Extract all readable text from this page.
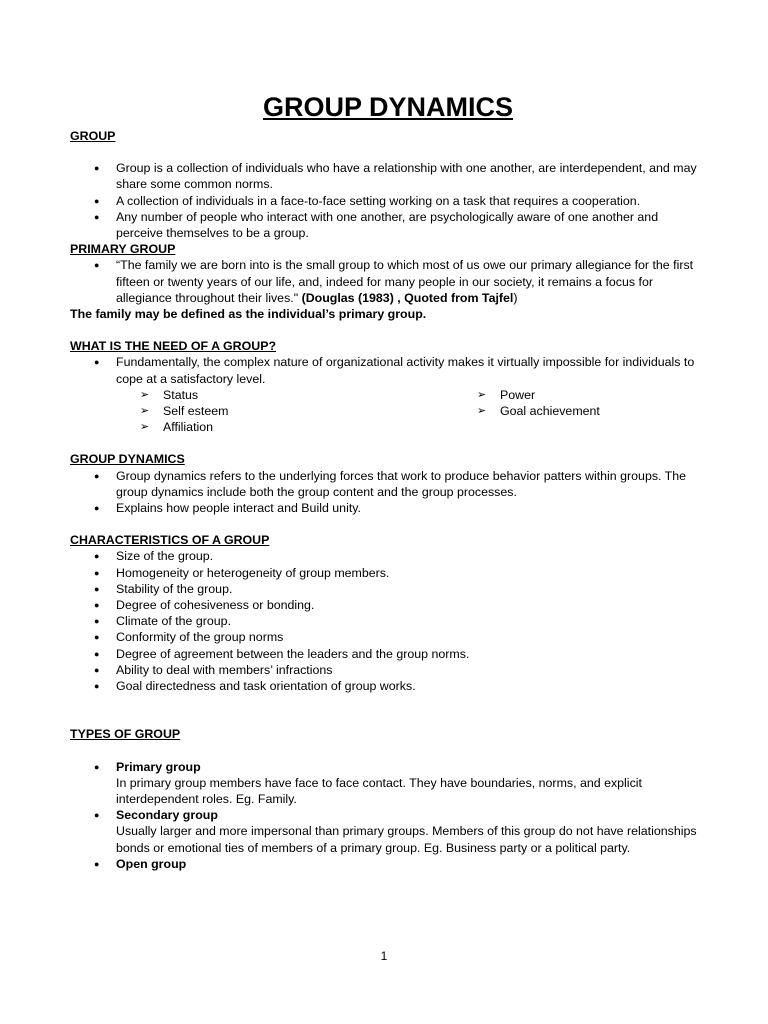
GROUP DYNAMICS

GROUP

● Group is a collection of individuals who have a relationship with one another, are interdependent, and may share some common norms.
● A collection of individuals in a face-to-face setting working on a task that requires a cooperation.
● Any number of people who interact with one another, are psychologically aware of one another and perceive themselves to be a group.

PRIMARY GROUP

● “The family we are born into is the small group to which most of us owe our primary allegiance for the first fifteen or twenty years of our life, and, indeed for many people in our society, it remains a focus for allegiance throughout their lives." (Douglas (1983) , Quoted from Tajfel)

The family may be defined as the individual’s primary group.

WHAT IS THE NEED OF A GROUP?

● Fundamentally, the complex nature of organizational activity makes it virtually impossible for individuals to cope at a satisfactory level.
➢ Status
➢ Self esteem
➢ Affiliation
➢ Power
➢ Goal achievement

GROUP DYNAMICS

● Group dynamics refers to the underlying forces that work to produce behavior patters within groups. The group dynamics include both the group content and the group processes.
● Explains how people interact and Build unity.

CHARACTERISTICS OF A GROUP

● Size of the group.
● Homogeneity or heterogeneity of group members.
● Stability of the group.
● Degree of cohesiveness or bonding.
● Climate of the group.
● Conformity of the group norms
● Degree of agreement between the leaders and the group norms.
● Ability to deal with members’ infractions
● Goal directedness and task orientation of group works.

TYPES OF GROUP

● Primary group
In primary group members have face to face contact. They have boundaries, norms, and explicit interdependent roles. Eg. Family.
● Secondary group
Usually larger and more impersonal than primary groups. Members of this group do not have relationships bonds or emotional ties of members of a primary group. Eg. Business party or a political party.
● Open group
1
